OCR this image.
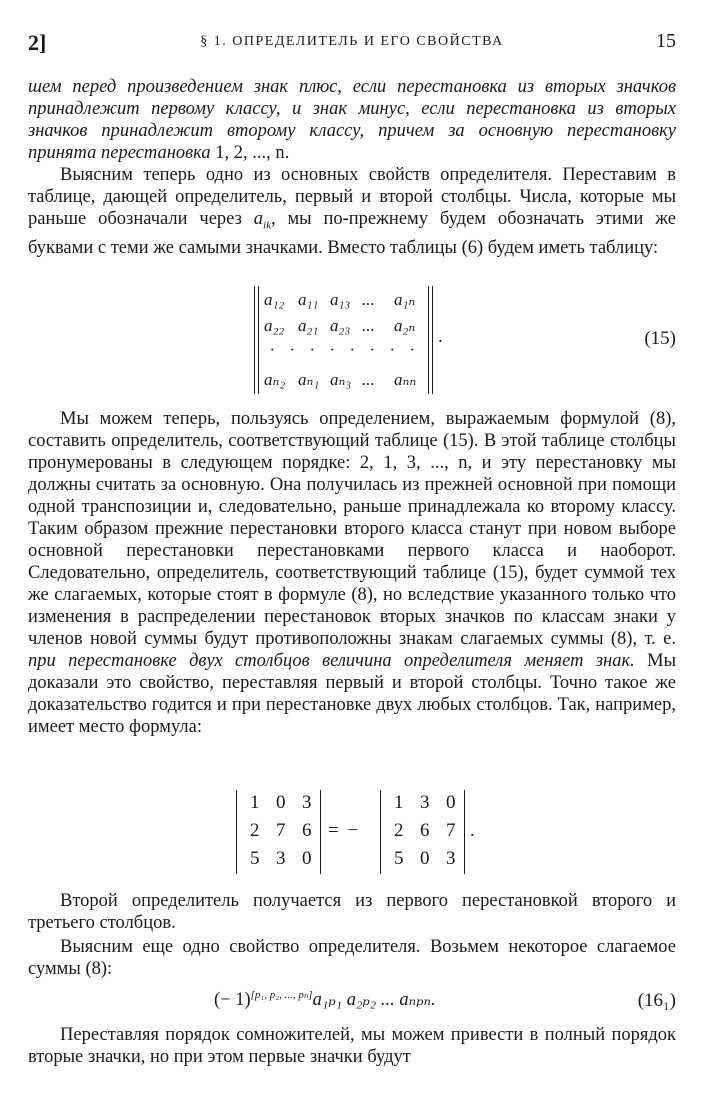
2]	§ 1. ОПРЕДЕЛИТЕЛЬ И ЕГО СВОЙСТВА	15

шем перед произведением знак плюс, если перестановка из вторых значков принадлежит первому классу, и знак минус, если перестановка из вторых значков принадлежит второму классу, причем за основную перестановку принята перестановка 1, 2, ..., n.

Выясним теперь одно из основных свойств определителя. Переставим в таблице, дающей определитель, первый и второй столбцы. Числа, которые мы раньше обозначали через $a_{ik}$, мы по-прежнему будем обозначать этими же буквами с теми же самыми значками. Вместо таблицы (6) будем иметь таблицу:

a₁₂ a₁₁ a₁₃ ... a₁ₙ
a₂₂ a₂₁ a₂₃ ... a₂ₙ
· · · · · · · ·
aₙ₂ aₙ₁ aₙ₃ ... aₙₙ
.	(15)

Мы можем теперь, пользуясь определением, выражаемым формулой (8), составить определитель, соответствующий таблице (15). В этой таблице столбцы пронумерованы в следующем порядке: 2, 1, 3, ..., n, и эту перестановку мы должны считать за основную. Она получилась из прежней основной при помощи одной транспозиции и, следовательно, раньше принадлежала ко второму классу. Таким образом прежние перестановки второго класса станут при новом выборе основной перестановки перестановками первого класса и наоборот. Следовательно, определитель, соответствующий таблице (15), будет суммой тех же слагаемых, которые стоят в формуле (8), но вследствие указанного только что изменения в распределении перестановок вторых значков по классам знаки у членов новой суммы будут противоположны знакам слагаемых суммы (8), т. е. при перестановке двух столбцов величина определителя меняет знак. Мы доказали это свойство, переставляя первый и второй столбцы. Точно такое же доказательство годится и при перестановке двух любых столбцов. Так, например, имеет место формула:

1 0 3
2 7 6
5 3 0
= −
1 3 0
2 6 7
5 0 3
.

Второй определитель получается из первого перестановкой второго и третьего столбцов.

Выясним еще одно свойство определителя. Возьмем некоторое слагаемое суммы (8):

(− 1)[p₁, p₂, ..., pₙ]a₁ₚ₁ a₂ₚ₂ ... aₙₚₙ.	(16₁)

Переставляя порядок сомножителей, мы можем привести в полный порядок вторые значки, но при этом первые значки будут
